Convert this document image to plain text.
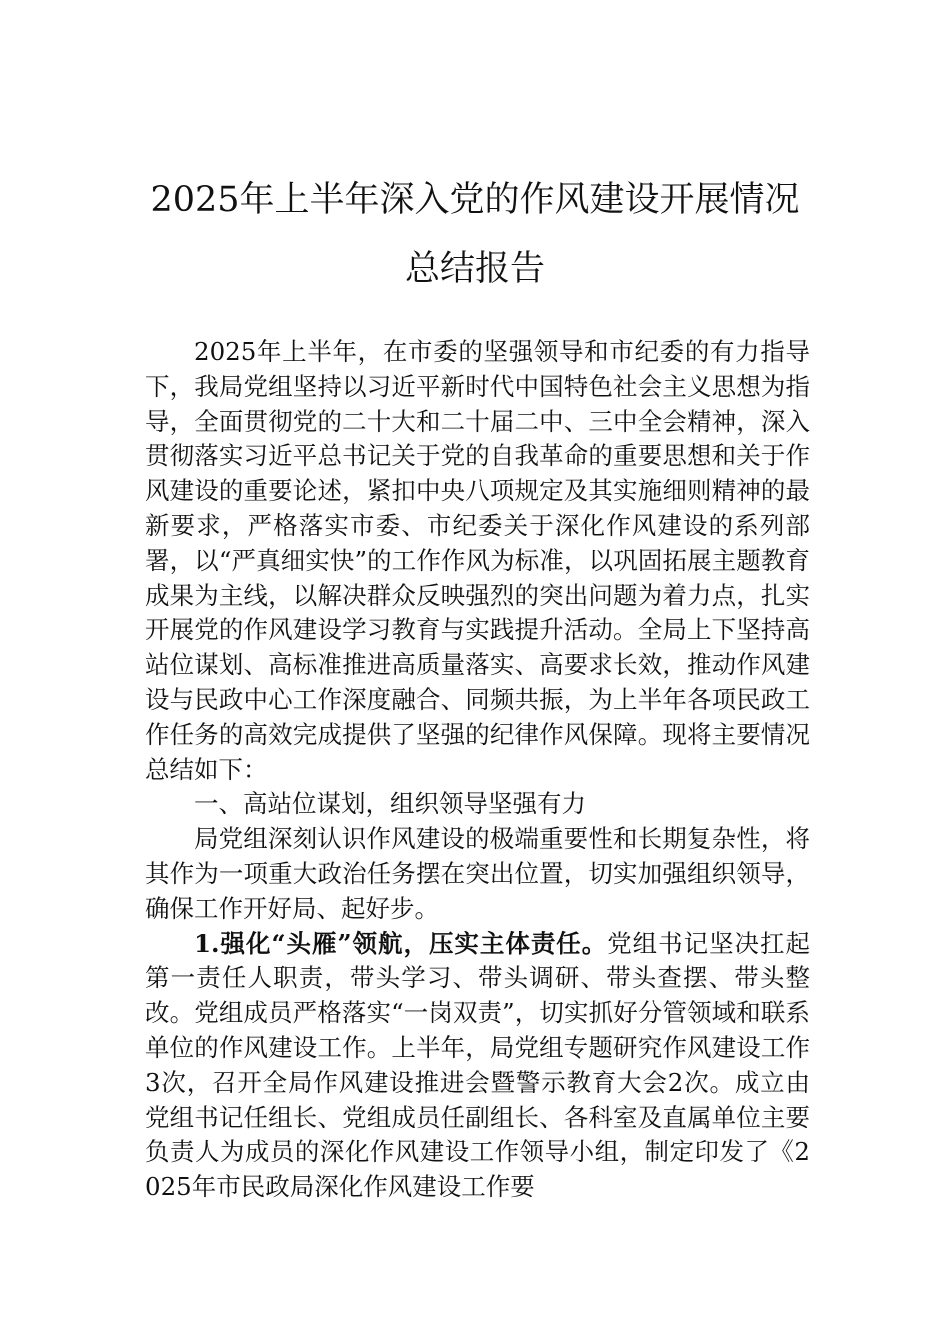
2025年上半年深入党的作风建设开展情况
总结报告

2025年上半年，在市委的坚强领导和市纪委的有力指导下，我局党组坚持以习近平新时代中国特色社会主义思想为指导，全面贯彻党的二十大和二十届二中、三中全会精神，深入贯彻落实习近平总书记关于党的自我革命的重要思想和关于作风建设的重要论述，紧扣中央八项规定及其实施细则精神的最新要求，严格落实市委、市纪委关于深化作风建设的系列部署，以“严真细实快”的工作作风为标准，以巩固拓展主题教育成果为主线，以解决群众反映强烈的突出问题为着力点，扎实开展党的作风建设学习教育与实践提升活动。全局上下坚持高站位谋划、高标准推进高质量落实、高要求长效，推动作风建设与民政中心工作深度融合、同频共振，为上半年各项民政工作任务的高效完成提供了坚强的纪律作风保障。现将主要情况总结如下：

一、高站位谋划，组织领导坚强有力

局党组深刻认识作风建设的极端重要性和长期复杂性，将其作为一项重大政治任务摆在突出位置，切实加强组织领导，确保工作开好局、起好步。

1.强化“头雁”领航，压实主体责任。党组书记坚决扛起第一责任人职责，带头学习、带头调研、带头查摆、带头整改。党组成员严格落实“一岗双责”，切实抓好分管领域和联系单位的作风建设工作。上半年，局党组专题研究作风建设工作3次，召开全局作风建设推进会暨警示教育大会2次。成立由党组书记任组长、党组成员任副组长、各科室及直属单位主要负责人为成员的深化作风建设工作领导小组，制定印发了《2025年市民政局深化作风建设工作要
